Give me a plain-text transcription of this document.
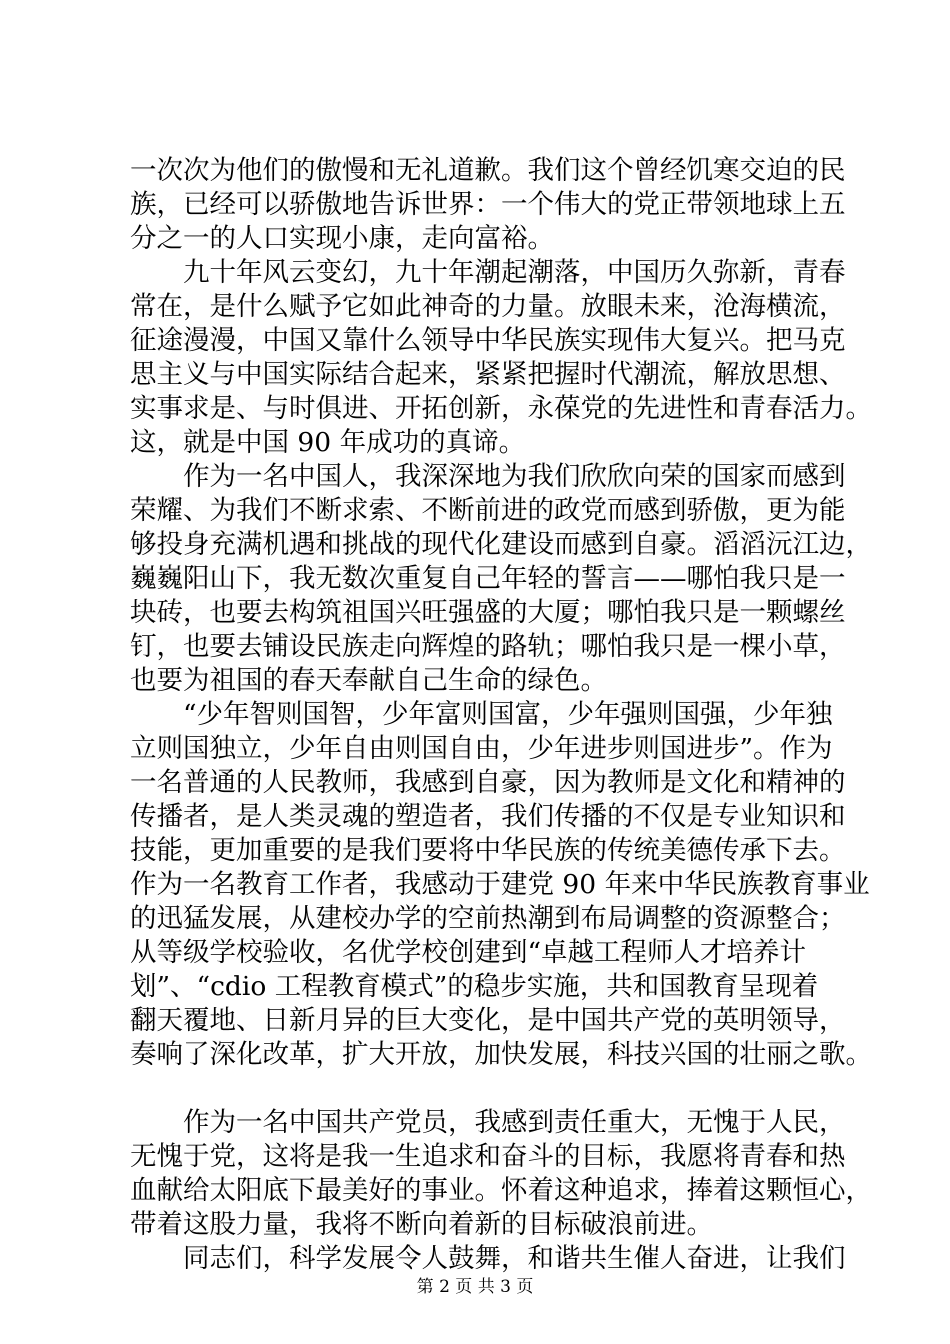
一次次为他们的傲慢和无礼道歉。我们这个曾经饥寒交迫的民
族，已经可以骄傲地告诉世界：一个伟大的党正带领地球上五
分之一的人口实现小康，走向富裕。
　　九十年风云变幻，九十年潮起潮落，中国历久弥新，青春
常在，是什么赋予它如此神奇的力量。放眼未来，沧海横流，
征途漫漫，中国又靠什么领导中华民族实现伟大复兴。把马克
思主义与中国实际结合起来，紧紧把握时代潮流，解放思想、
实事求是、与时俱进、开拓创新，永葆党的先进性和青春活力。
这，就是中国 90 年成功的真谛。
　　作为一名中国人，我深深地为我们欣欣向荣的国家而感到
荣耀、为我们不断求索、不断前进的政党而感到骄傲，更为能
够投身充满机遇和挑战的现代化建设而感到自豪。滔滔沅江边，
巍巍阳山下，我无数次重复自己年轻的誓言——哪怕我只是一
块砖，也要去构筑祖国兴旺强盛的大厦；哪怕我只是一颗螺丝
钉，也要去铺设民族走向辉煌的路轨；哪怕我只是一棵小草，
也要为祖国的春天奉献自己生命的绿色。
　　“少年智则国智，少年富则国富，少年强则国强，少年独
立则国独立，少年自由则国自由，少年进步则国进步”。作为
一名普通的人民教师，我感到自豪，因为教师是文化和精神的
传播者，是人类灵魂的塑造者，我们传播的不仅是专业知识和
技能，更加重要的是我们要将中华民族的传统美德传承下去。
作为一名教育工作者，我感动于建党 90 年来中华民族教育事业
的迅猛发展，从建校办学的空前热潮到布局调整的资源整合；
从等级学校验收，名优学校创建到“卓越工程师人才培养计
划”、“cdio 工程教育模式”的稳步实施，共和国教育呈现着
翻天覆地、日新月异的巨大变化，是中国共产党的英明领导，
奏响了深化改革，扩大开放，加快发展，科技兴国的壮丽之歌。
　　作为一名中国共产党员，我感到责任重大，无愧于人民，
无愧于党，这将是我一生追求和奋斗的目标，我愿将青春和热
血献给太阳底下最美好的事业。怀着这种追求，捧着这颗恒心，
带着这股力量，我将不断向着新的目标破浪前进。
　　同志们，科学发展令人鼓舞，和谐共生催人奋进，让我们
第 2 页 共 3 页
